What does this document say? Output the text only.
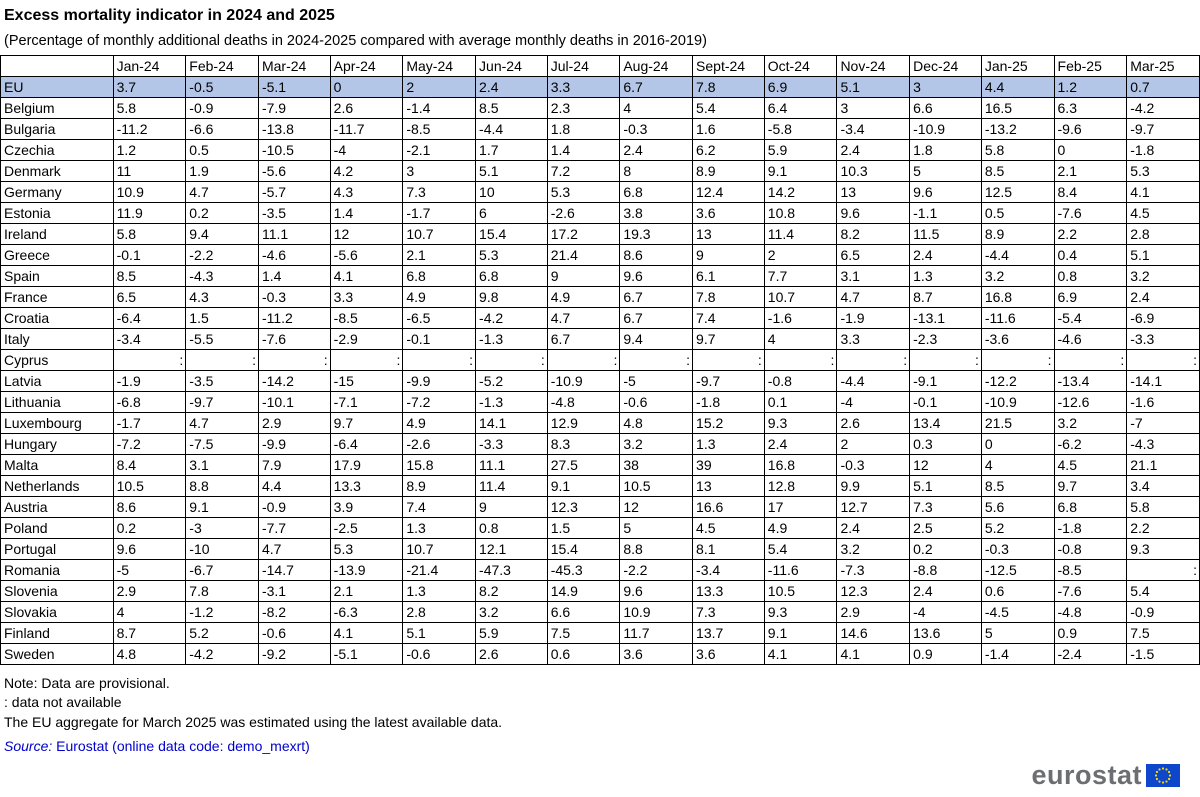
Excess mortality indicator in 2024 and 2025
(Percentage of monthly additional deaths in 2024-2025 compared with average monthly deaths in 2016-2019)
	Jan-24	Feb-24	Mar-24	Apr-24	May-24	Jun-24	Jul-24	Aug-24	Sept-24	Oct-24	Nov-24	Dec-24	Jan-25	Feb-25	Mar-25
EU	3.7	-0.5	-5.1	0	2	2.4	3.3	6.7	7.8	6.9	5.1	3	4.4	1.2	0.7
Belgium	5.8	-0.9	-7.9	2.6	-1.4	8.5	2.3	4	5.4	6.4	3	6.6	16.5	6.3	-4.2
Bulgaria	-11.2	-6.6	-13.8	-11.7	-8.5	-4.4	1.8	-0.3	1.6	-5.8	-3.4	-10.9	-13.2	-9.6	-9.7
Czechia	1.2	0.5	-10.5	-4	-2.1	1.7	1.4	2.4	6.2	5.9	2.4	1.8	5.8	0	-1.8
Denmark	11	1.9	-5.6	4.2	3	5.1	7.2	8	8.9	9.1	10.3	5	8.5	2.1	5.3
Germany	10.9	4.7	-5.7	4.3	7.3	10	5.3	6.8	12.4	14.2	13	9.6	12.5	8.4	4.1
Estonia	11.9	0.2	-3.5	1.4	-1.7	6	-2.6	3.8	3.6	10.8	9.6	-1.1	0.5	-7.6	4.5
Ireland	5.8	9.4	11.1	12	10.7	15.4	17.2	19.3	13	11.4	8.2	11.5	8.9	2.2	2.8
Greece	-0.1	-2.2	-4.6	-5.6	2.1	5.3	21.4	8.6	9	2	6.5	2.4	-4.4	0.4	5.1
Spain	8.5	-4.3	1.4	4.1	6.8	6.8	9	9.6	6.1	7.7	3.1	1.3	3.2	0.8	3.2
France	6.5	4.3	-0.3	3.3	4.9	9.8	4.9	6.7	7.8	10.7	4.7	8.7	16.8	6.9	2.4
Croatia	-6.4	1.5	-11.2	-8.5	-6.5	-4.2	4.7	6.7	7.4	-1.6	-1.9	-13.1	-11.6	-5.4	-6.9
Italy	-3.4	-5.5	-7.6	-2.9	-0.1	-1.3	6.7	9.4	9.7	4	3.3	-2.3	-3.6	-4.6	-3.3
Cyprus	:	:	:	:	:	:	:	:	:	:	:	:	:	:	:
Latvia	-1.9	-3.5	-14.2	-15	-9.9	-5.2	-10.9	-5	-9.7	-0.8	-4.4	-9.1	-12.2	-13.4	-14.1
Lithuania	-6.8	-9.7	-10.1	-7.1	-7.2	-1.3	-4.8	-0.6	-1.8	0.1	-4	-0.1	-10.9	-12.6	-1.6
Luxembourg	-1.7	4.7	2.9	9.7	4.9	14.1	12.9	4.8	15.2	9.3	2.6	13.4	21.5	3.2	-7
Hungary	-7.2	-7.5	-9.9	-6.4	-2.6	-3.3	8.3	3.2	1.3	2.4	2	0.3	0	-6.2	-4.3
Malta	8.4	3.1	7.9	17.9	15.8	11.1	27.5	38	39	16.8	-0.3	12	4	4.5	21.1
Netherlands	10.5	8.8	4.4	13.3	8.9	11.4	9.1	10.5	13	12.8	9.9	5.1	8.5	9.7	3.4
Austria	8.6	9.1	-0.9	3.9	7.4	9	12.3	12	16.6	17	12.7	7.3	5.6	6.8	5.8
Poland	0.2	-3	-7.7	-2.5	1.3	0.8	1.5	5	4.5	4.9	2.4	2.5	5.2	-1.8	2.2
Portugal	9.6	-10	4.7	5.3	10.7	12.1	15.4	8.8	8.1	5.4	3.2	0.2	-0.3	-0.8	9.3
Romania	-5	-6.7	-14.7	-13.9	-21.4	-47.3	-45.3	-2.2	-3.4	-11.6	-7.3	-8.8	-12.5	-8.5	:
Slovenia	2.9	7.8	-3.1	2.1	1.3	8.2	14.9	9.6	13.3	10.5	12.3	2.4	0.6	-7.6	5.4
Slovakia	4	-1.2	-8.2	-6.3	2.8	3.2	6.6	10.9	7.3	9.3	2.9	-4	-4.5	-4.8	-0.9
Finland	8.7	5.2	-0.6	4.1	5.1	5.9	7.5	11.7	13.7	9.1	14.6	13.6	5	0.9	7.5
Sweden	4.8	-4.2	-9.2	-5.1	-0.6	2.6	0.6	3.6	3.6	4.1	4.1	0.9	-1.4	-2.4	-1.5
Note: Data are provisional.
: data not available
The EU aggregate for March 2025 was estimated using the latest available data.
Source: Eurostat (online data code: demo_mexrt)
eurostat
